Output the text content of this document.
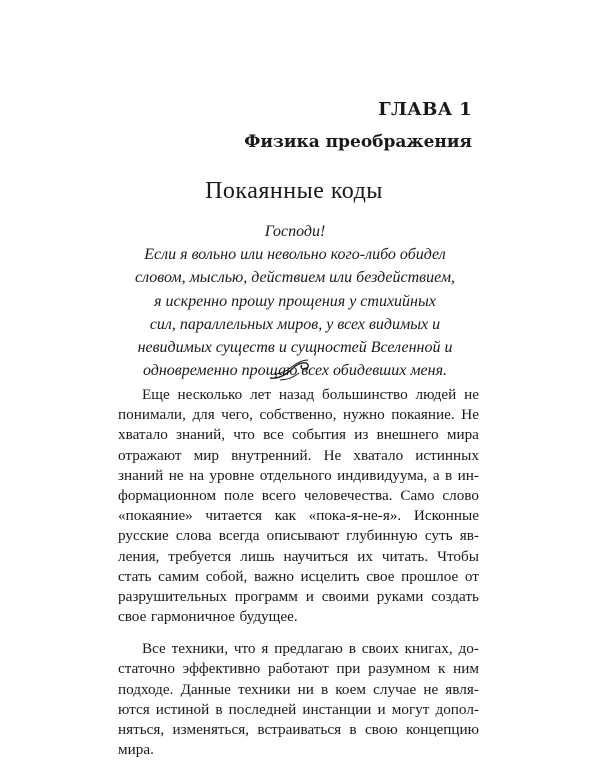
ГЛАВА 1
Физика преображения
Покаянные коды
Господи!
Если я вольно или невольно кого-либо обидел
словом, мыслью, действием или бездействием,
я искренно прошу прощения у стихийных
сил, параллельных миров, у всех видимых и
невидимых существ и сущностей Вселенной и
одновременно прощаю всех обидевших меня.
Еще несколько лет назад большинство людей не
понимали, для чего, собственно, нужно покаяние. Не
хватало знаний, что все события из внешнего мира
отражают мир внутренний. Не хватало истинных
знаний не на уровне отдельного индивидуума, а в ин-
формационном поле всего человечества. Само слово
«покаяние» читается как «пока-я-не-я». Исконные
русские слова всегда описывают глубинную суть яв-
ления, требуется лишь научиться их читать. Чтобы
стать самим собой, важно исцелить свое прошлое от
разрушительных программ и своими руками создать
свое гармоничное будущее.
Все техники, что я предлагаю в своих книгах, до-
статочно эффективно работают при разумном к ним
подходе. Данные техники ни в коем случае не явля-
ются истиной в последней инстанции и могут допол-
няться, изменяться, встраиваться в свою концепцию
мира.
